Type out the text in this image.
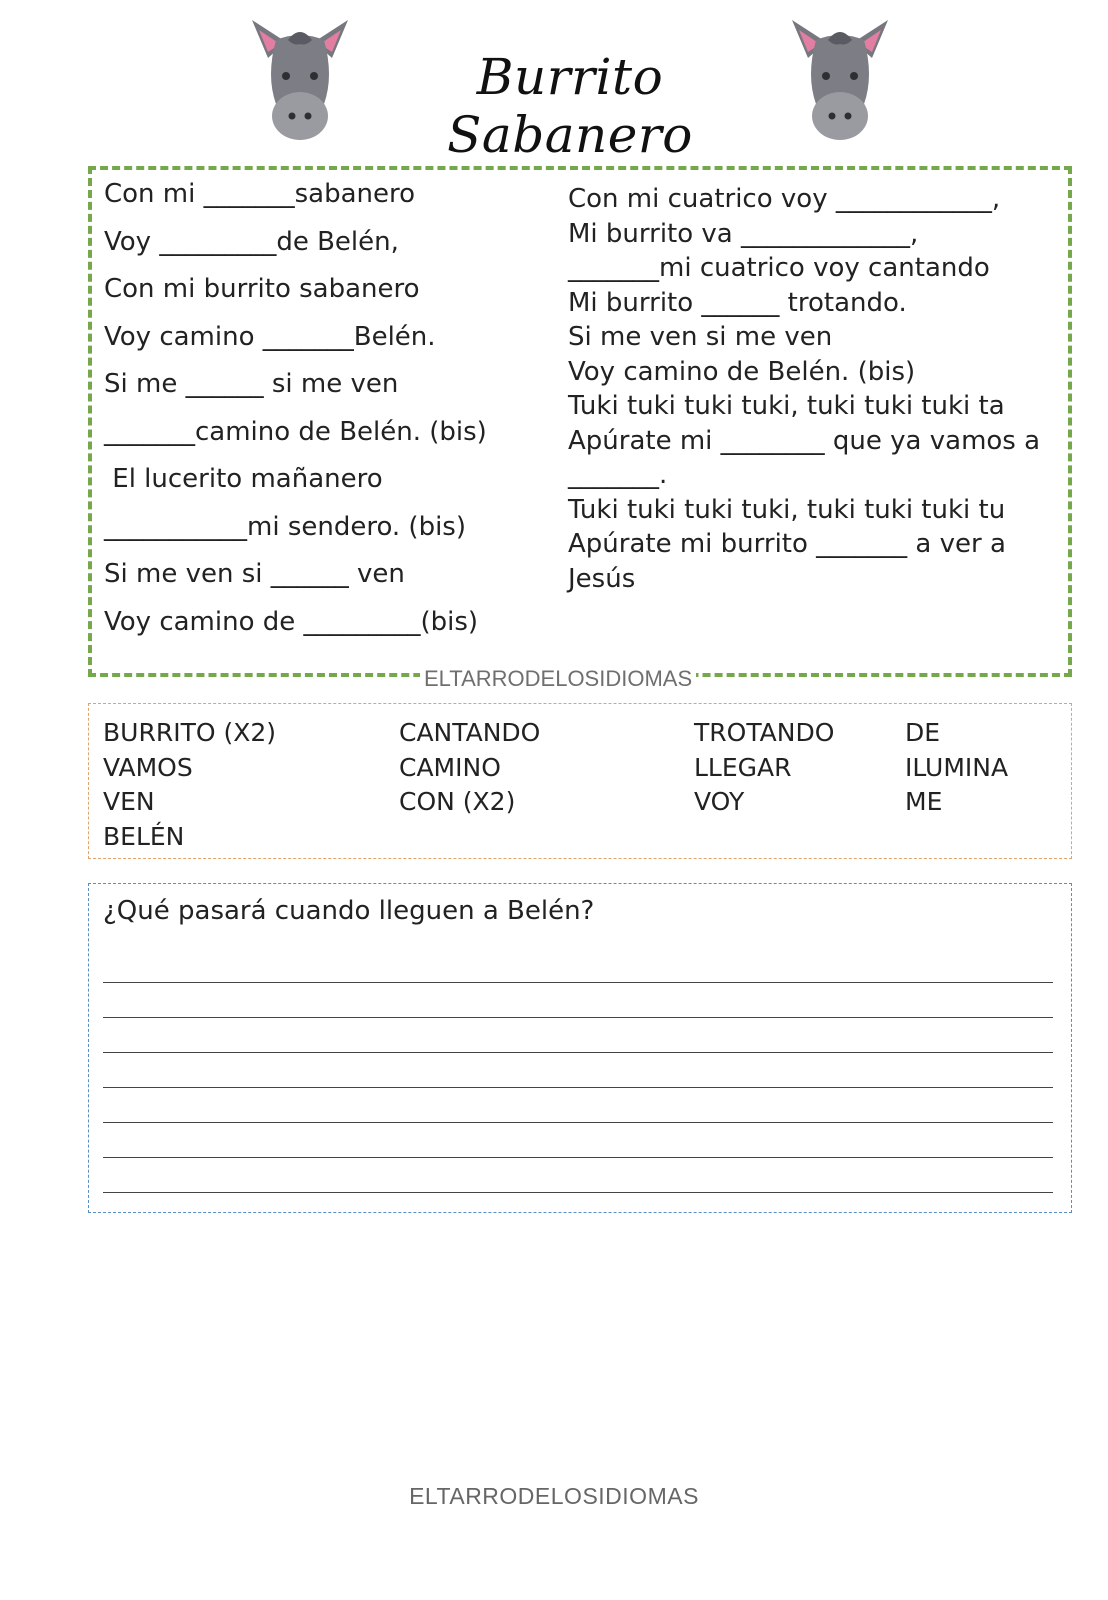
Burrito Sabanero
Con mi _______sabanero
Voy _________de Belén,
Con mi burrito sabanero
Voy camino _______Belén.
Si me ______ si me ven
_______camino de Belén. (bis)
El lucerito mañanero
___________mi sendero. (bis)
Si me ven si ______ ven
Voy camino de _________(bis)
Con mi cuatrico voy ____________,
Mi burrito va _____________,
_______mi cuatrico voy cantando
Mi burrito ______ trotando.
Si me ven si me ven
Voy camino de Belén. (bis)
Tuki tuki tuki tuki, tuki tuki tuki ta
Apúrate mi ________ que ya vamos a _______.
Tuki tuki tuki tuki, tuki tuki tuki tu
Apúrate mi burrito _______ a ver a Jesús
ELTARRODELOSIDIOMAS
BURRITO (X2)
VAMOS
VEN
BELÉN
CANTANDO
CAMINO
CON (X2)
TROTANDO
LLEGAR
VOY
DE
ILUMINA
ME
¿Qué pasará cuando lleguen a Belén?
ELTARRODELOSIDIOMAS
